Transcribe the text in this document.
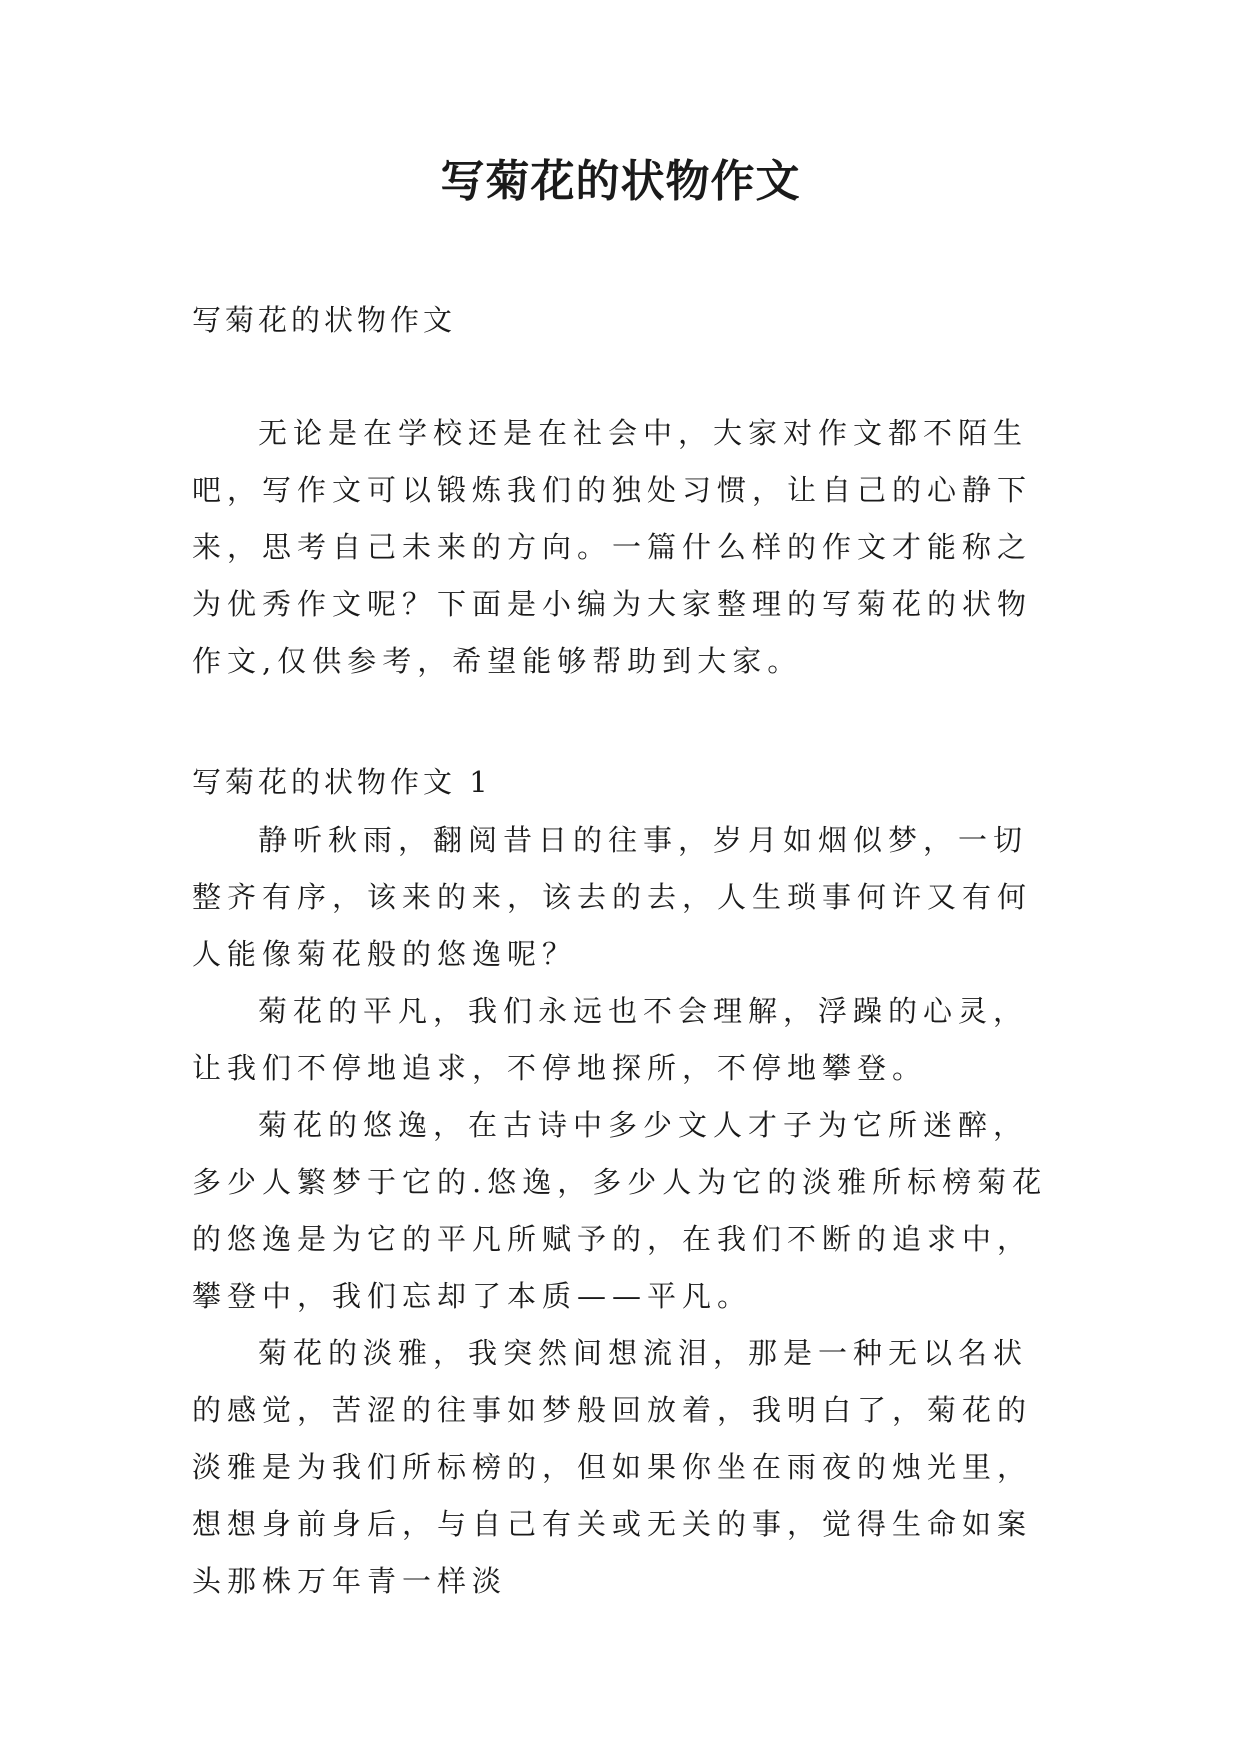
写菊花的状物作文

写菊花的状物作文

无论是在学校还是在社会中，大家对作文都不陌生吧，写作文可以锻炼我们的独处习惯，让自己的心静下来，思考自己未来的方向。一篇什么样的作文才能称之为优秀作文呢？下面是小编为大家整理的写菊花的状物作文,仅供参考，希望能够帮助到大家。

写菊花的状物作文 1

静听秋雨，翻阅昔日的往事，岁月如烟似梦，一切整齐有序，该来的来，该去的去，人生琐事何许又有何人能像菊花般的悠逸呢？

菊花的平凡，我们永远也不会理解，浮躁的心灵，让我们不停地追求，不停地探所，不停地攀登。

菊花的悠逸，在古诗中多少文人才子为它所迷醉，多少人繁梦于它的.悠逸，多少人为它的淡雅所标榜菊花的悠逸是为它的平凡所赋予的，在我们不断的追求中，攀登中，我们忘却了本质——平凡。

菊花的淡雅，我突然间想流泪，那是一种无以名状的感觉，苦涩的往事如梦般回放着，我明白了，菊花的淡雅是为我们所标榜的，但如果你坐在雨夜的烛光里，想想身前身后，与自己有关或无关的事，觉得生命如案头那株万年青一样淡
